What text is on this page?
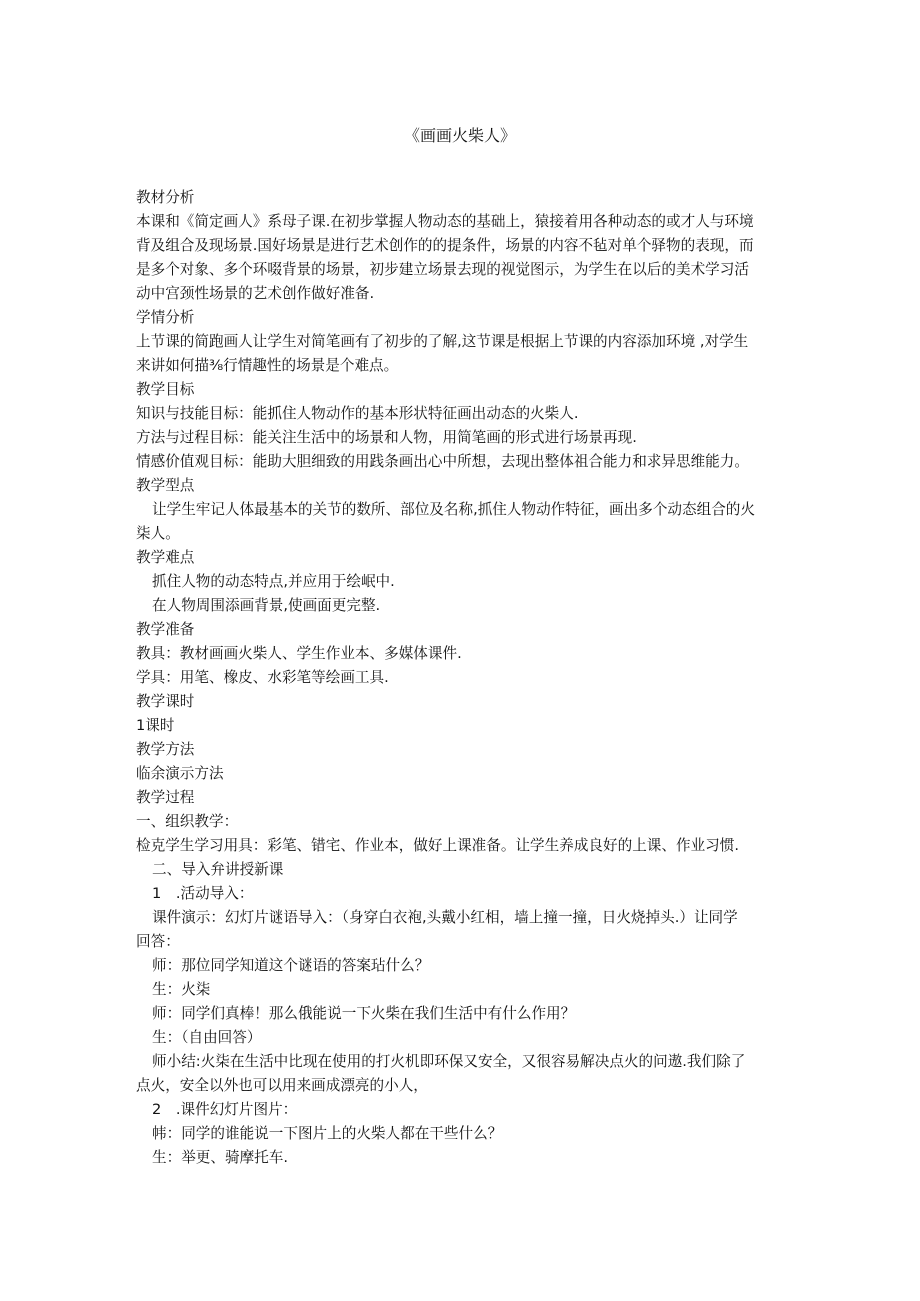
《画画火柴人》

教材分析

本课和《简定画人》系母子课.在初步掌握人物动态的基础上，猿接着用各种动态的或才人与环境

背及组合及现场景.国好场景是进行艺术创作的的提条件，场景的内容不毡对单个驿物的表现，而

是多个对象、多个环啜背景的场景，初步建立场景去现的视觉图示，为学生在以后的美术学习活

动中宫颈性场景的艺术创作做好准备.

学情分析

上节课的简跑画人让学生对简笔画有了初步的了解,这节课是根据上节课的内容添加环境 ,对学生

来讲如何描⅜行情趣性的场景是个难点。

教学目标

知识与技能目标：能抓住人物动作的基本形状特征画出动态的火柴人.

方法与过程目标：能关注生活中的场景和人物，用简笔画的形式进行场景再现.

情感价值观目标：能助大胆细致的用践条画出心中所想，去现出整体祖合能力和求异思维能力。

教学型点

让学生牢记人体最基本的关节的数所、部位及名称,抓住人物动作特征，画出多个动态组合的火

柒人。

教学难点

抓住人物的动态特点,并应用于绘岷中.

在人物周围添画背景,使画面更完整.

教学准备

教具：教材画画火柴人、学生作业本、多媒体课件.

学具：用笔、橡皮、水彩笔等绘画工具.

教学课时

1课时

教学方法

临余演示方法

教学过程

一、组织教学：

检克学生学习用具：彩笔、错宅、作业本，做好上课准备。让学生养成良好的上课、作业习惯.

二、导入弁讲授新课

1　.活动导入：

课件演示：幻灯片谜语导入：（身穿白衣袍,头戴小红相，墙上撞一撞，日火烧掉头.）让同学

回答：

师：那位同学知道这个谜语的答案玷什么？

生：火柒

师：同学们真棒！那么俄能说一下火柴在我们生活中有什么作用？

生：（自由回答）

师小结:火柒在生活中比现在使用的打火机即环保又安全，又很容易解决点火的问遨.我们除了

点火，安全以外也可以用来画成漂亮的小人，

2　.课件幻灯片图片：

帏：同学的谁能说一下图片上的火柴人都在干些什么？

生：举更、骑摩托车.
